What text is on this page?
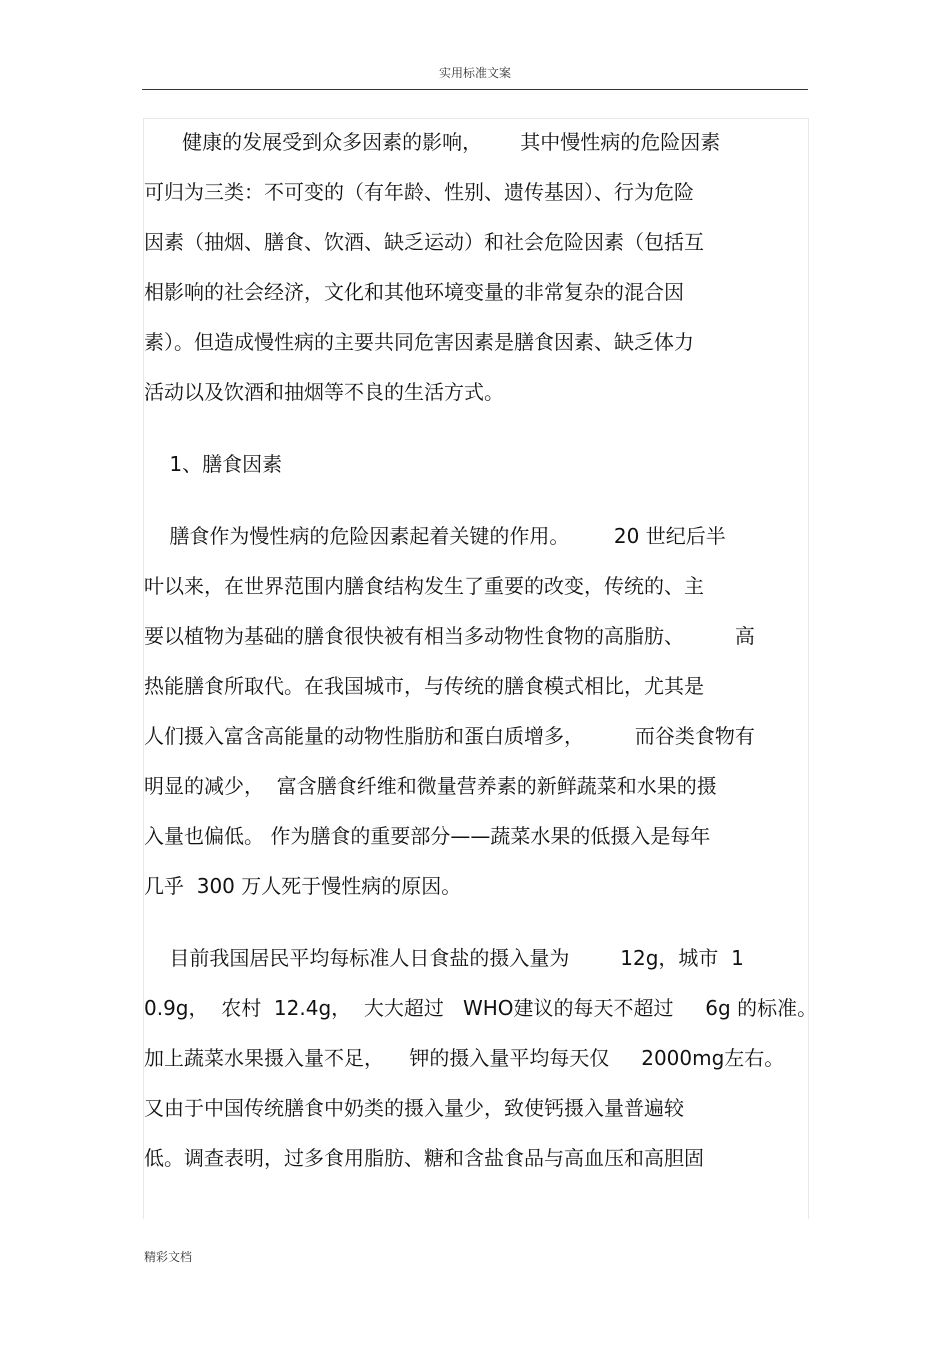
实用标准文案
健康的发展受到众多因素的影响，      其中慢性病的危险因素
可归为三类：不可变的（有年龄、性别、遗传基因）、行为危险
因素（抽烟、膳食、饮酒、缺乏运动）和社会危险因素（包括互
相影响的社会经济，文化和其他环境变量的非常复杂的混合因
素）。但造成慢性病的主要共同危害因素是膳食因素、缺乏体力
活动以及饮酒和抽烟等不良的生活方式。
1、膳食因素
膳食作为慢性病的危险因素起着关键的作用。       20 世纪后半
叶以来，在世界范围内膳食结构发生了重要的改变，传统的、主
要以植物为基础的膳食很快被有相当多动物性食物的高脂肪、        高
热能膳食所取代。在我国城市，与传统的膳食模式相比，尤其是
人们摄入富含高能量的动物性脂肪和蛋白质增多，        而谷类食物有
明显的减少，  富含膳食纤维和微量营养素的新鲜蔬菜和水果的摄
入量也偏低。 作为膳食的重要部分——蔬菜水果的低摄入是每年
几乎  300 万人死于慢性病的原因。
目前我国居民平均每标准人日食盐的摄入量为        12g，城市  1
0.9g，  农村  12.4g，  大大超过   WHO建议的每天不超过     6g 的标准。
加上蔬菜水果摄入量不足，    钾的摄入量平均每天仅     2000mg左右。
又由于中国传统膳食中奶类的摄入量少，致使钙摄入量普遍较
低。调查表明，过多食用脂肪、糖和含盐食品与高血压和高胆固
精彩文档
